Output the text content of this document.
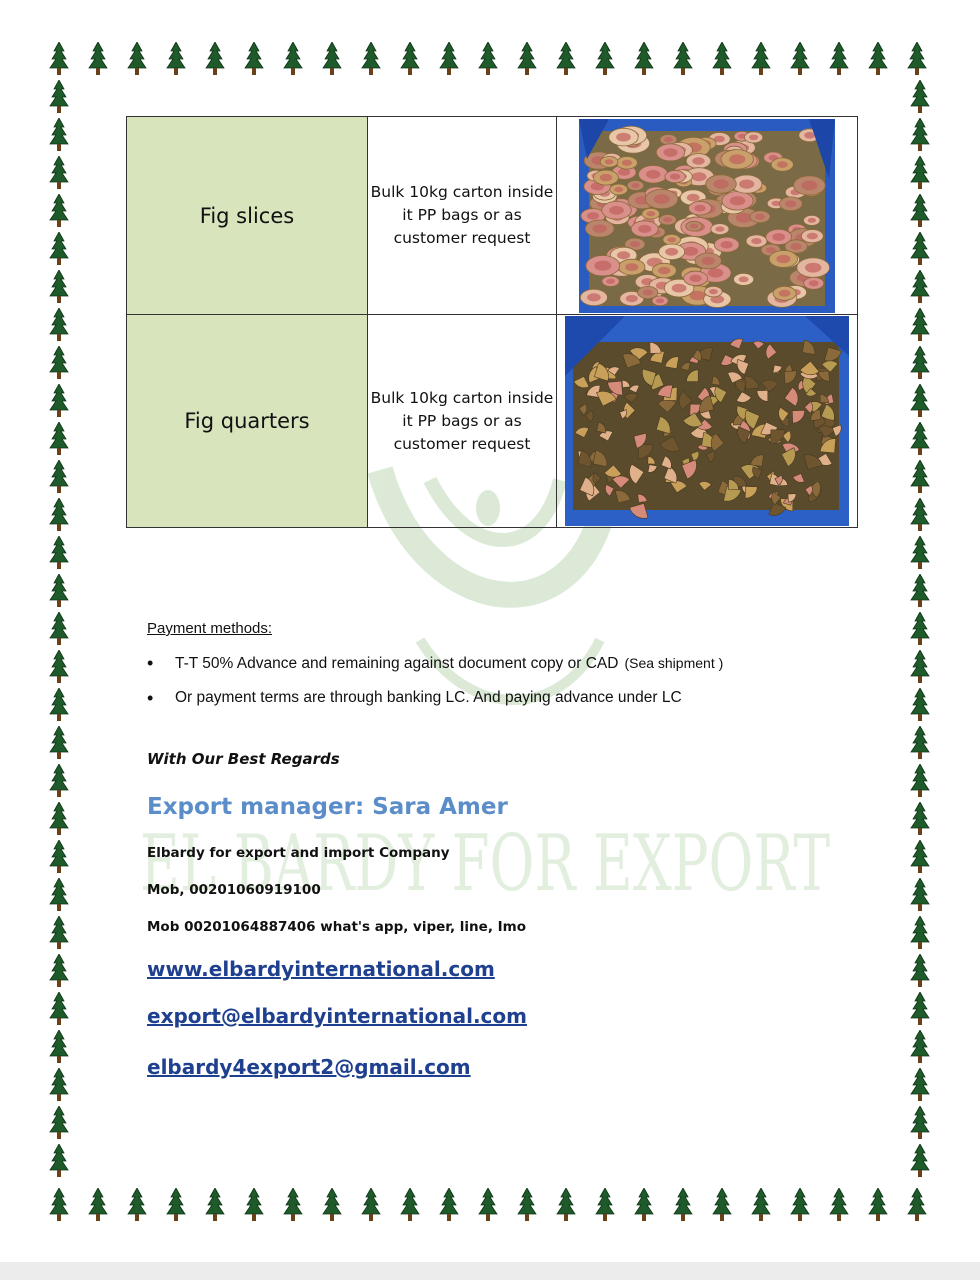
EL BARDY FOR EXPORT
Fig slices	Bulk 10kg carton inside it PP bags or as customer request	

Fig quarters	Bulk 10kg carton inside it PP bags or as customer request	
Payment methods:
• T-T 50% Advance and remaining against document copy or CAD (Sea shipment )
• Or payment terms are through banking LC. And paying advance under LC
With Our Best Regards
Export manager: Sara Amer
Elbardy for export and import Company
Mob, 00201060919100
Mob 00201064887406 what's app, viper, line, Imo
www.elbardyinternational.com
export@elbardyinternational.com
elbardy4export2@gmail.com
